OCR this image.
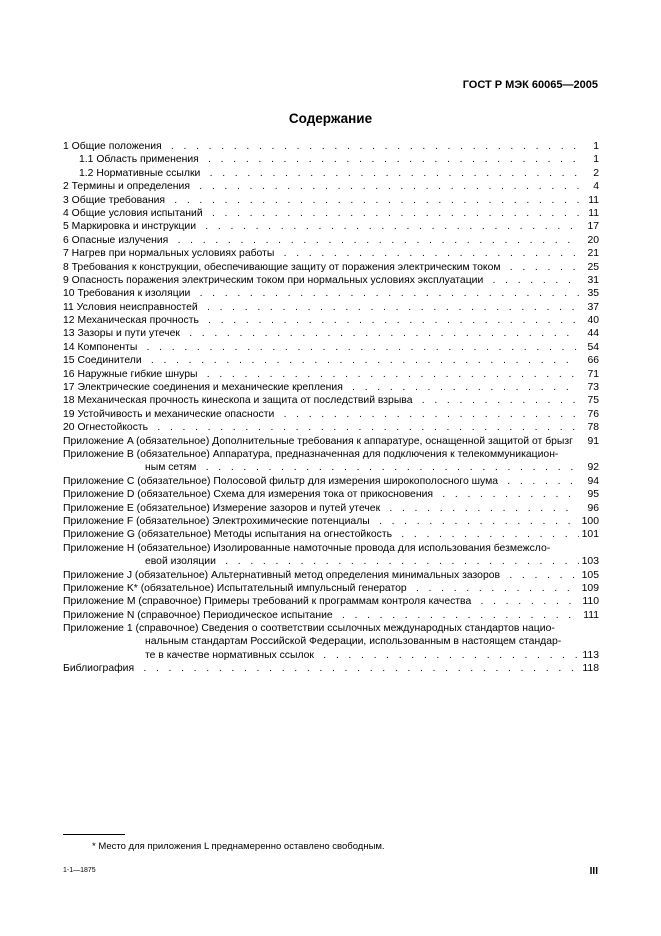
ГОСТ Р МЭК 60065—2005
Содержание
1 Общие положения . . .	1
1.1 Область применения . . .	1
1.2 Нормативные ссылки . . .	2
2 Термины и определения . . .	4
3 Общие требования . . .	11
4 Общие условия испытаний . . .	11
5 Маркировка и инструкции . . .	17
6 Опасные излучения . . .	20
7 Нагрев при нормальных условиях работы . . .	21
8 Требования к конструкции, обеспечивающие защиту от поражения электрическим током . . .	25
9 Опасность поражения электрическим током при нормальных условиях эксплуатации . . .	31
10 Требования к изоляции . . .	35
11 Условия неисправностей . . .	37
12 Механическая прочность . . .	40
13 Зазоры и пути утечек . . .	44
14 Компоненты . . .	54
15 Соединители . . .	66
16 Наружные гибкие шнуры . . .	71
17 Электрические соединения и механические крепления . . .	73
18 Механическая прочность кинескопа и защита от последствий взрыва . . .	75
19 Устойчивость и механические опасности . . .	76
20 Огнестойкость . . .	78
Приложение A (обязательное) Дополнительные требования к аппаратуре, оснащенной защитой от брызг	91
Приложение B (обязательное) Аппаратура, предназначенная для подключения к телекоммуникацион-
ным сетям . . .	92
Приложение C (обязательное) Полосовой фильтр для измерения широкополосного шума . . .	94
Приложение D (обязательное) Схема для измерения тока от прикосновения . . .	95
Приложение E (обязательное) Измерение зазоров и путей утечек . . .	96
Приложение F (обязательное) Электрохимические потенциалы . . .	100
Приложение G (обязательное) Методы испытания на огнестойкость . . .	101
Приложение H (обязательное) Изолированные намоточные провода для использования безмежсло-
евой изоляции . . .	103
Приложение J (обязательное) Альтернативный метод определения минимальных зазоров . . .	105
Приложение K* (обязательное) Испытательный импульсный генератор . . .	109
Приложение M (справочное) Примеры требований к программам контроля качества . . .	110
Приложение N (справочное) Периодическое испытание . . .	111
Приложение 1 (справочное) Сведения о соответствии ссылочных международных стандартов нацио-
нальным стандартам Российской Федерации, использованным в настоящем стандар-
те в качестве нормативных ссылок . . .	113
Библиография . . .	118
* Место для приложения L преднамеренно оставлено свободным.
1-1—1875	III
